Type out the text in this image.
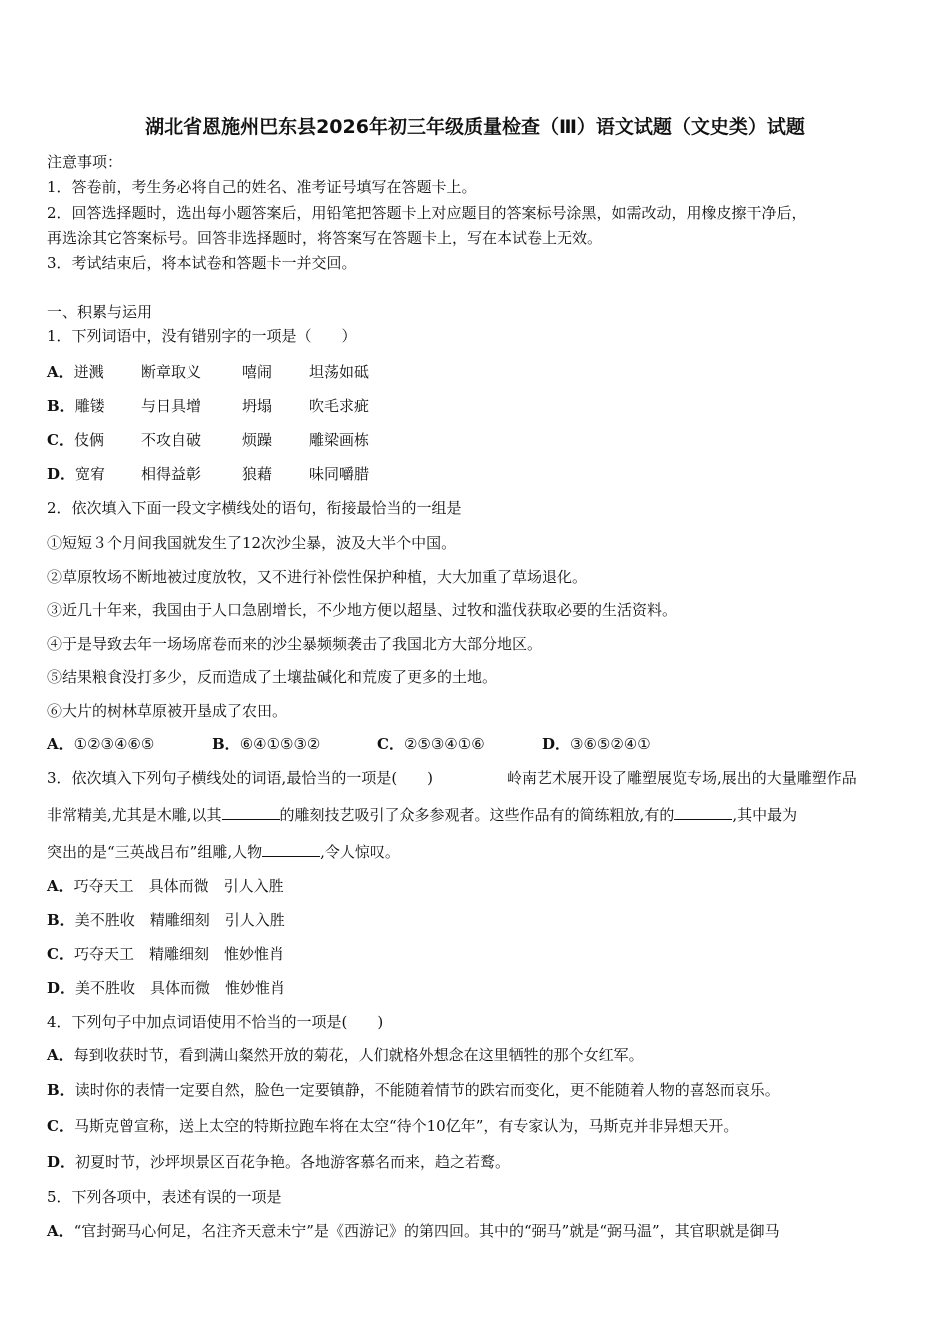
湖北省恩施州巴东县2026年初三年级质量检查（Ⅲ）语文试题（文史类）试题
注意事项：
1．答卷前，考生务必将自己的姓名、准考证号填写在答题卡上。
2．回答选择题时，选出每小题答案后，用铅笔把答题卡上对应题目的答案标号涂黑，如需改动，用橡皮擦干净后，
再选涂其它答案标号。回答非选择题时，将答案写在答题卡上，写在本试卷上无效。
3．考试结束后，将本试卷和答题卡一并交回。
一、积累与运用
1．下列词语中，没有错别字的一项是（　　）
A．迸溅 断章取义	嘻闹 坦荡如砥
B．雕镂 与日具增	坍塌 吹毛求疵
C．伎俩 不攻自破	烦躁 雕梁画栋
D．宽宥 相得益彰	狼藉 味同嚼腊
2．依次填入下面一段文字横线处的语句，衔接最恰当的一组是
①短短３个月间我国就发生了12次沙尘暴，波及大半个中国。
②草原牧场不断地被过度放牧，又不进行补偿性保护种植，大大加重了草场退化。
③近几十年来，我国由于人口急剧增长，不少地方便以超垦、过牧和滥伐获取必要的生活资料。
④于是导致去年一场场席卷而来的沙尘暴频频袭击了我国北方大部分地区。
⑤结果粮食没打多少，反而造成了土壤盐碱化和荒废了更多的土地。
⑥大片的树林草原被开垦成了农田。
A．①②③④⑥⑤	B．⑥④①⑤③②	C．②⑤③④①⑥	D．③⑥⑤②④①
3．依次填入下列句子横线处的词语,最恰当的一项是(　　)	岭南艺术展开设了雕塑展览专场,展出的大量雕塑作品
非常精美,尤其是木雕,以其	的雕刻技艺吸引了众多参观者。这些作品有的简练粗放,有的	,其中最为
突出的是“三英战吕布”组雕,人物	,令人惊叹。
A．巧夺天工　具体而微　引人入胜
B．美不胜收　精雕细刻　引人入胜
C．巧夺天工　精雕细刻　惟妙惟肖
D．美不胜收　具体而微　惟妙惟肖
4．下列句子中加点词语使用不恰当的一项是(　　)
A．每到收获时节，看到满山粲然开放的菊花，人们就格外想念在这里牺牲的那个女红军。
B．读时你的表情一定要自然，脸色一定要镇静，不能随着情节的跌宕而变化，更不能随着人物的喜怒而哀乐。
C．马斯克曾宣称，送上太空的特斯拉跑车将在太空“待个10亿年”，有专家认为，马斯克并非异想天开。
D．初夏时节，沙坪坝景区百花争艳。各地游客慕名而来，趋之若鹜。
5．下列各项中，表述有误的一项是
A．“官封弼马心何足，名注齐天意未宁”是《西游记》的第四回。其中的“弼马”就是“弼马温”，其官职就是御马
